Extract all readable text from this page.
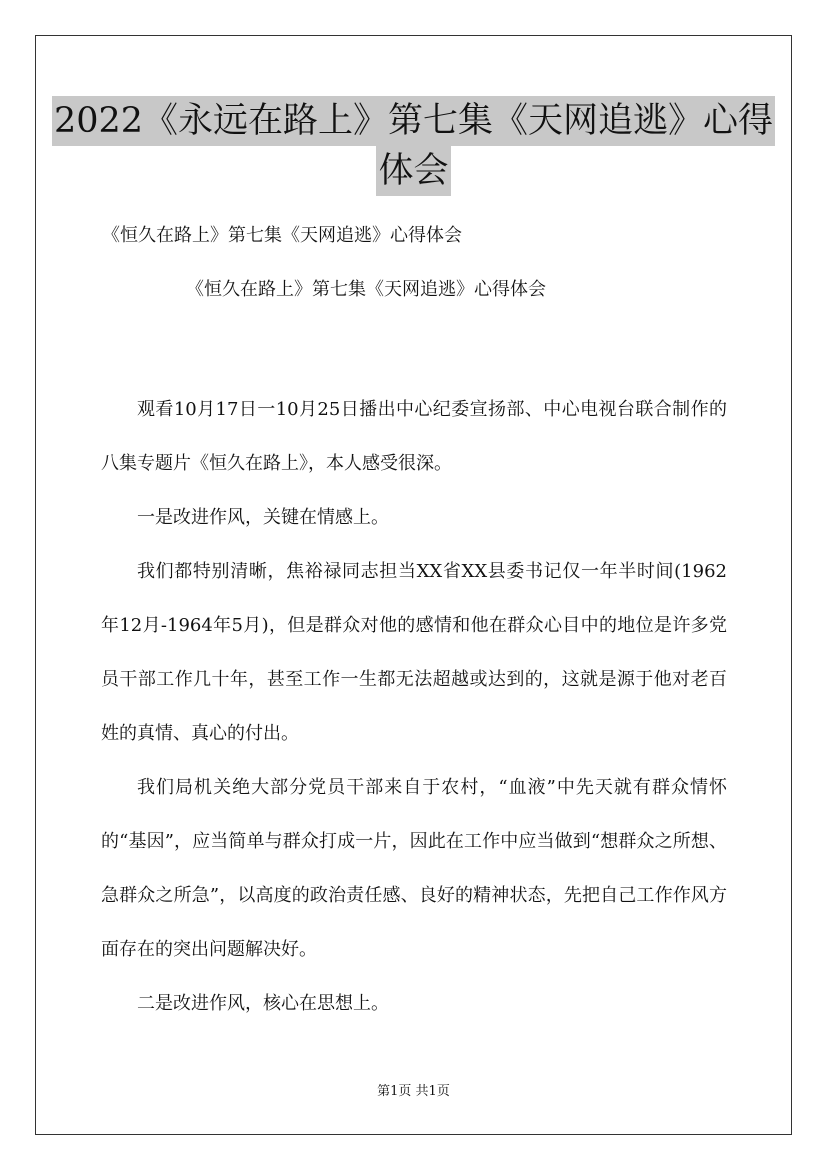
2022《永远在路上》第七集《天网追逃》心得
体会
《恒久在路上》第七集《天网追逃》心得体会
《恒久在路上》第七集《天网追逃》心得体会

观看10月17日一10月25日播出中心纪委宣扬部、中心电视台联合制作的八集专题片《恒久在路上》，本人感受很深。

一是改进作风，关键在情感上。

我们都特别清晰，焦裕禄同志担当XX省XX县委书记仅一年半时间(1962年12月-1964年5月)，但是群众对他的感情和他在群众心目中的地位是许多党员干部工作几十年，甚至工作一生都无法超越或达到的，这就是源于他对老百姓的真情、真心的付出。

我们局机关绝大部分党员干部来自于农村，“血液”中先天就有群众情怀的“基因”，应当简单与群众打成一片，因此在工作中应当做到“想群众之所想、急群众之所急”，以高度的政治责任感、良好的精神状态，先把自己工作作风方面存在的突出问题解决好。

二是改进作风，核心在思想上。

第1页 共1页
